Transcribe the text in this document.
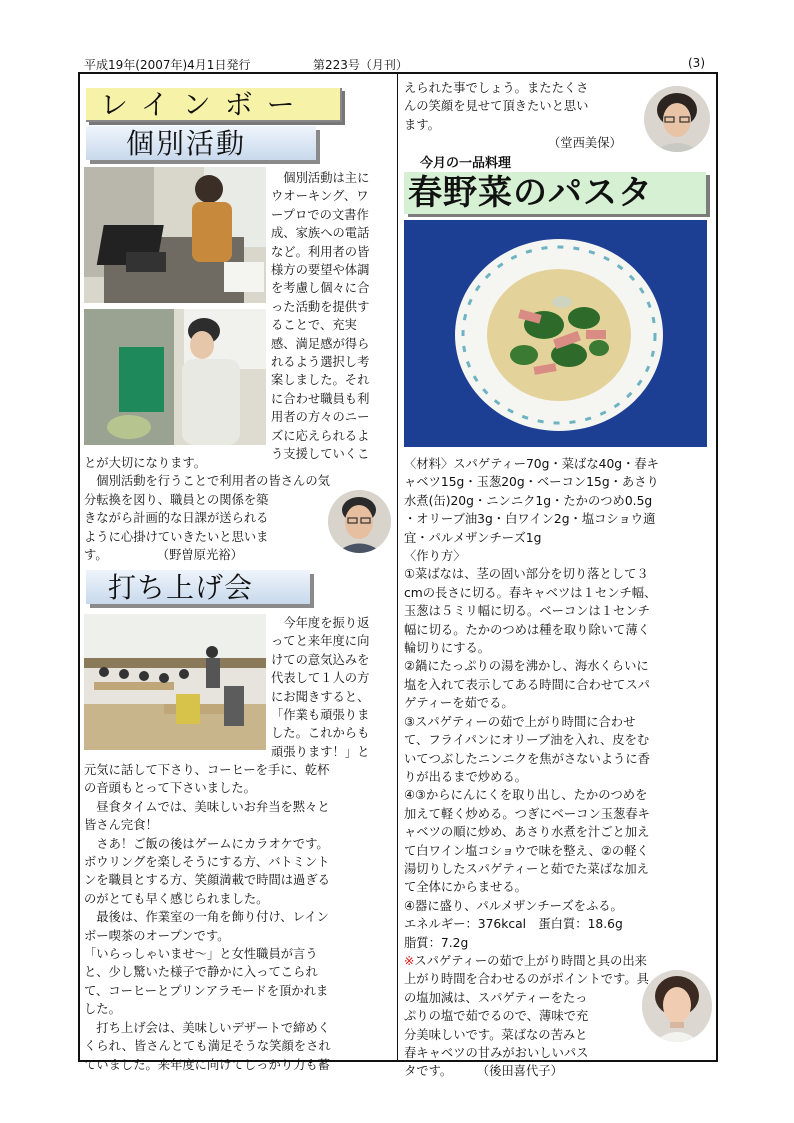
平成19年(2007年)4月1日発行	第223号（月刊）	(3)
レインボー
個別活動

　個別活動は主に

ウオーキング、ワ

ープロでの文書作

成、家族への電話

など。利用者の皆

様方の要望や体調

を考慮し個々に合

った活動を提供す

ることで、充実

感、満足感が得ら

れるよう選択し考

案しました。それ

に合わせ職員も利

用者の方々のニー

ズに応えられるよ

う支援していくこ

とが大切になります。

　個別活動を行うことで利用者の皆さんの気

分転換を図り、職員との関係を築

きながら計画的な日課が送られる

ように心掛けていきたいと思いま

す。　　　　　（野曽原光裕）

打ち上げ会

　今年度を振り返

ってと来年度に向

けての意気込みを

代表して１人の方

にお聞きすると、

「作業も頑張りま

した。これからも

頑張ります！」と

元気に話して下さり、コーヒーを手に、乾杯

の音頭もとって下さいました。

　昼食タイムでは、美味しいお弁当を黙々と

皆さん完食！

　さあ！ご飯の後はゲームにカラオケです。

ボウリングを楽しそうにする方、バトミント

ンを職員とする方、笑顔満載で時間は過ぎる

のがとても早く感じられました。

　最後は、作業室の一角を飾り付け、レイン

ボー喫茶のオープンです。

「いらっしゃいませ～」と女性職員が言う

と、少し驚いた様子で静かに入ってこられ

て、コーヒーとプリンアラモードを頂かれま

した。

　打ち上げ会は、美味しいデザートで締めく

くられ、皆さんとても満足そうな笑顔をされ

ていました。来年度に向けてしっかり力も蓄

えられた事でしょう。またたくさ

んの笑顔を見せて頂きたいと思い

ます。

（堂西美保）

今月の一品料理
春野菜のパスタ

〈材料〉スパゲティー70g・菜ばな40g・春キ

ャベツ15g・玉葱20g・ベーコン15g・あさり

水煮(缶)20g・ニンニク1g・たかのつめ0.5g

・オリーブ油3g・白ワイン2g・塩コショウ適

宜・パルメザンチーズ1g

〈作り方〉

①菜ばなは、茎の固い部分を切り落として３

cmの長さに切る。春キャベツは１センチ幅、

玉葱は５ミリ幅に切る。ベーコンは１センチ

幅に切る。たかのつめは種を取り除いて薄く

輪切りにする。

②鍋にたっぷりの湯を沸かし、海水くらいに

塩を入れて表示してある時間に合わせてスパ

ゲティーを茹でる。

③スパゲティーの茹で上がり時間に合わせ

て、フライパンにオリーブ油を入れ、皮をむ

いてつぶしたニンニクを焦がさないように香

りが出るまで炒める。

④③からにんにくを取り出し、たかのつめを

加えて軽く炒める。つぎにベーコン玉葱春キ

ャベツの順に炒め、あさり水煮を汁ごと加え

て白ワイン塩コショウで味を整え、②の軽く

湯切りしたスパゲティーと茹でた菜ばな加え

て全体にからませる。

④器に盛り、パルメザンチーズをふる。

エネルギー：376kcal　蛋白質：18.6g

脂質：7.2g

※スパゲティーの茹で上がり時間と具の出来

上がり時間を合わせるのがポイントです。具

の塩加減は、スパゲティーをたっ

ぷりの塩で茹でるので、薄味で充

分美味しいです。菜ばなの苦みと

春キャベツの甘みがおいしいパス

タです。　　　（後田喜代子）
